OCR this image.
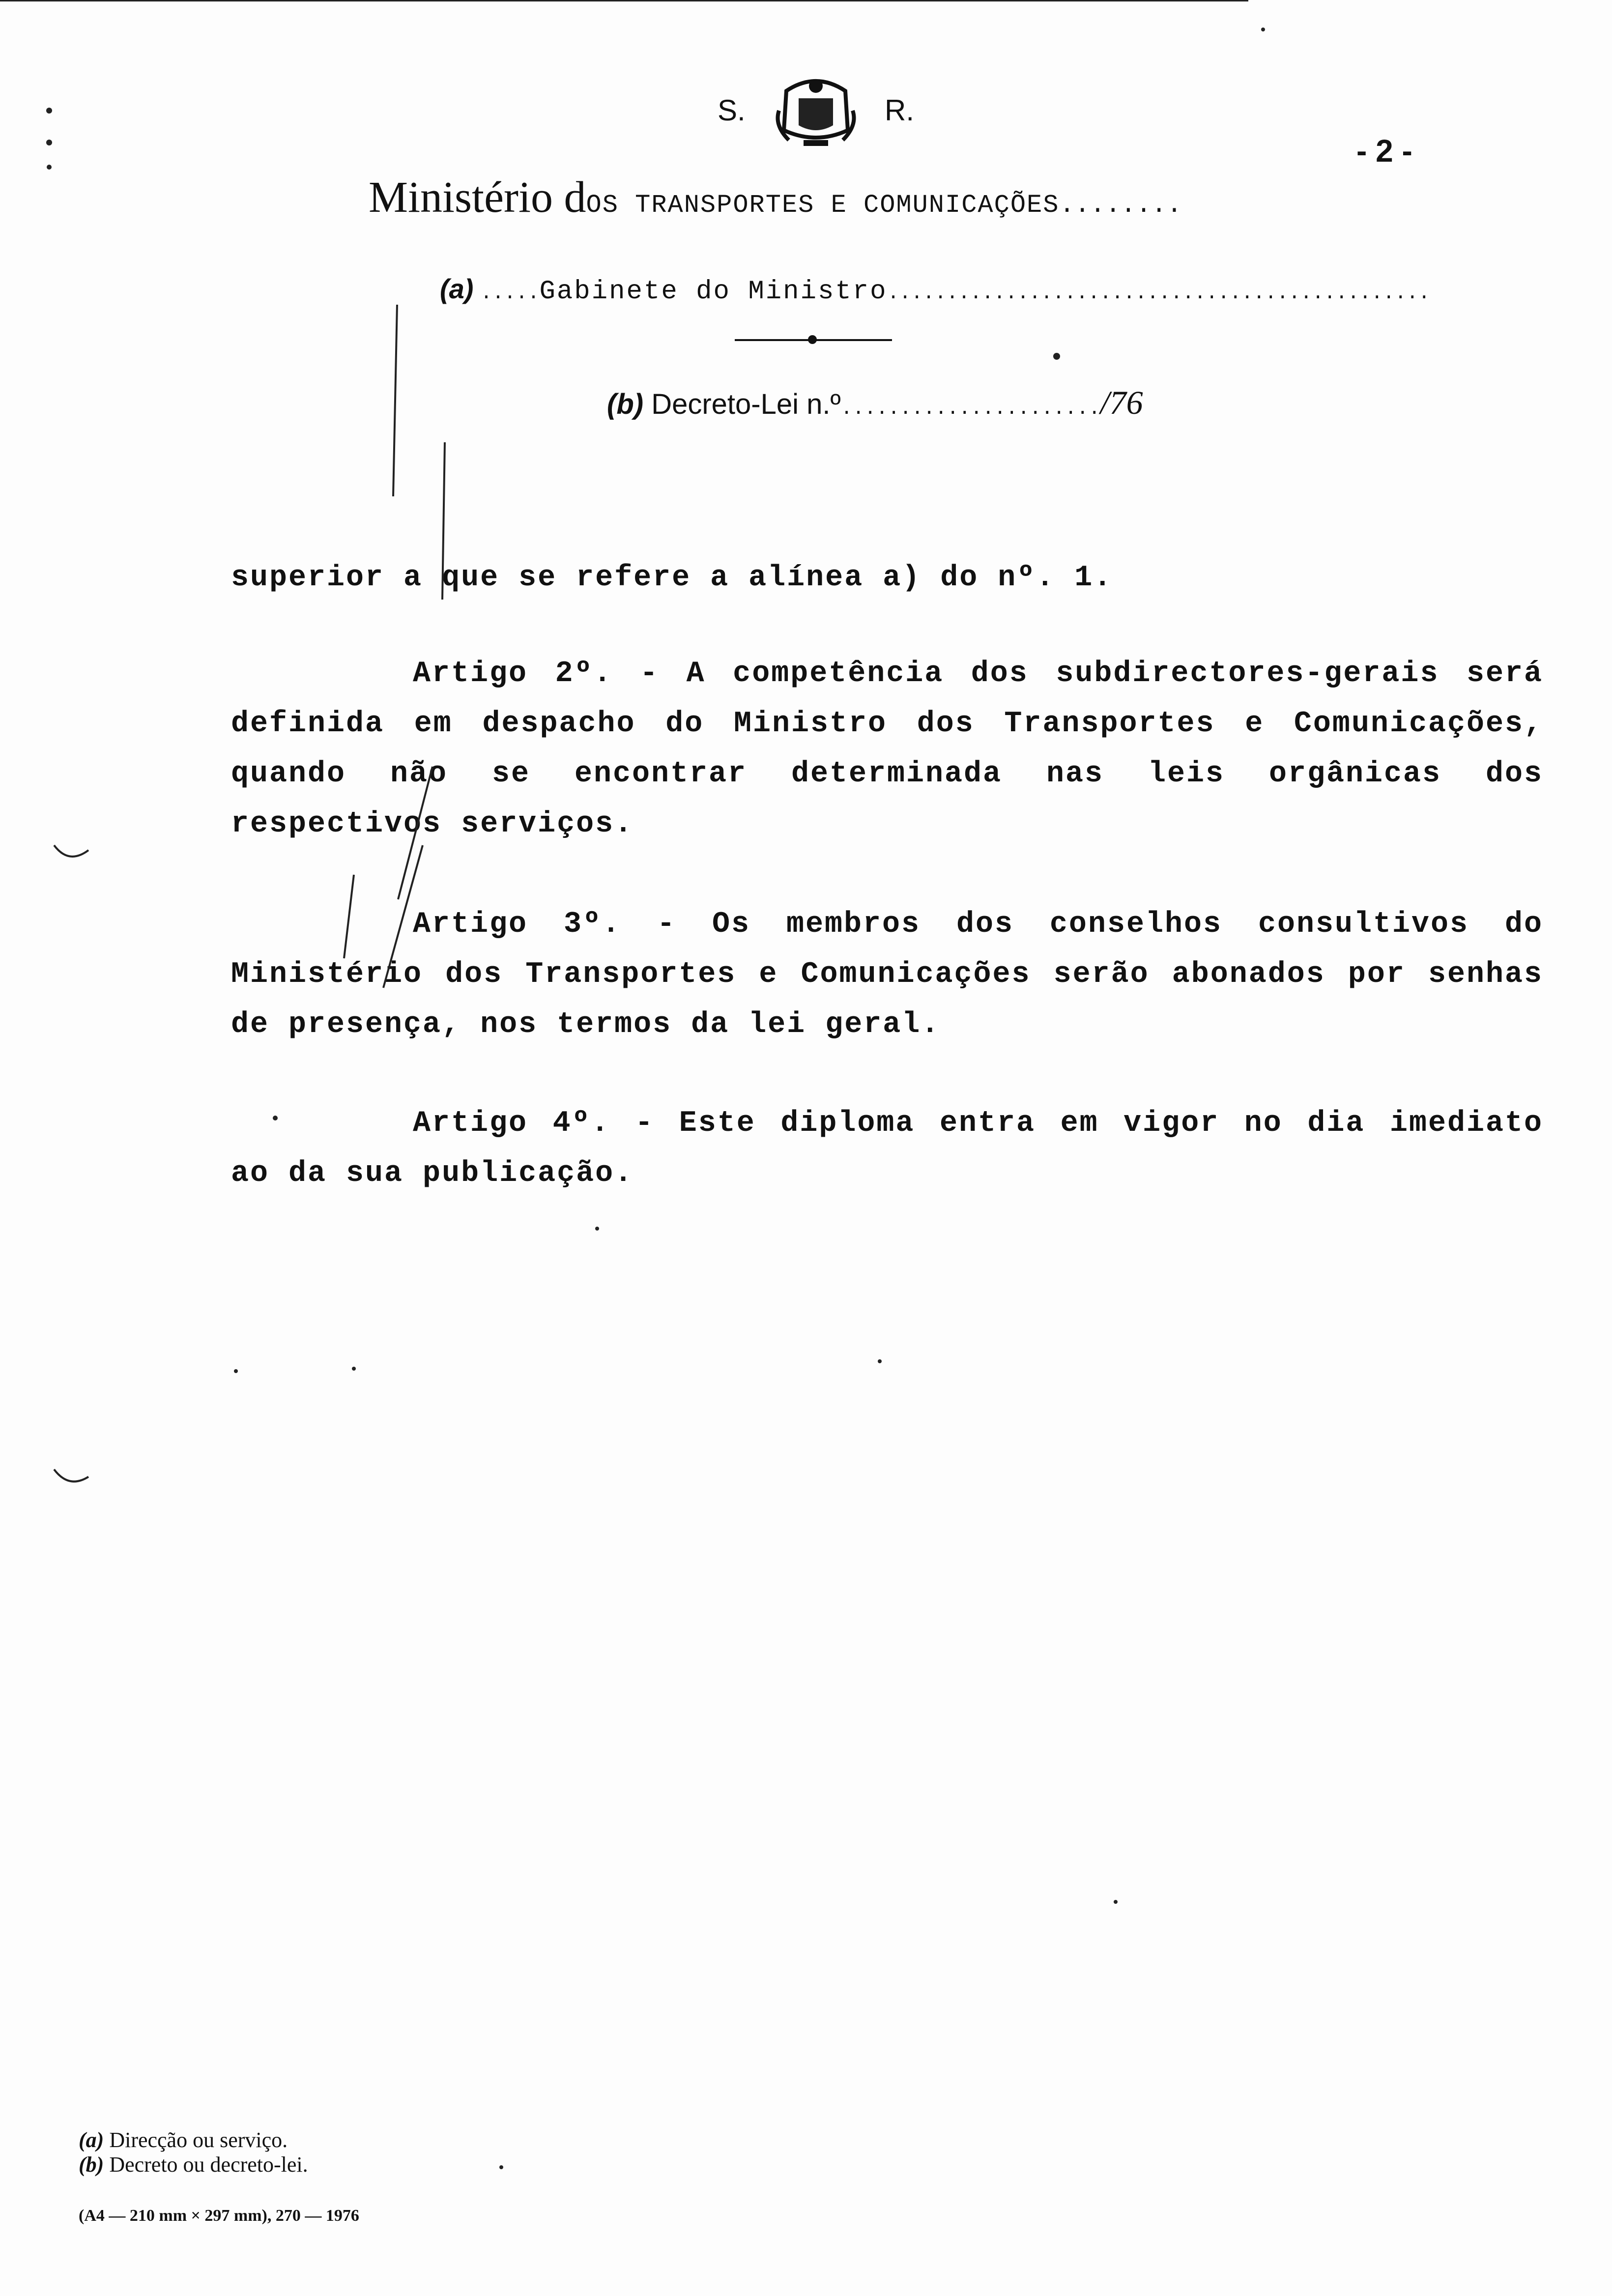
S.	R.
- 2 -
Ministério dOS TRANSPORTES E COMUNICAÇÕES........
(a) .....Gabinete do Ministro..............................................
(b) Decreto-Lei n.º....................../76
superior a que se refere a alínea a) do nº. 1.
Artigo 2º. - A competência dos subdirectores-gerais será definida em despacho do Ministro dos Transportes e Comunicações, quando não se encontrar determinada nas leis orgânicas dos respectivos serviços.
Artigo 3º. - Os membros dos conselhos consultivos do Ministério dos Transportes e Comunicações serão abonados por senhas de presença, nos termos da lei geral.
Artigo 4º. - Este diploma entra em vigor no dia imediato ao da sua publicação.
(a) Direcção ou serviço.
(b) Decreto ou decreto-lei.
(A4 — 210 mm × 297 mm), 270 — 1976
